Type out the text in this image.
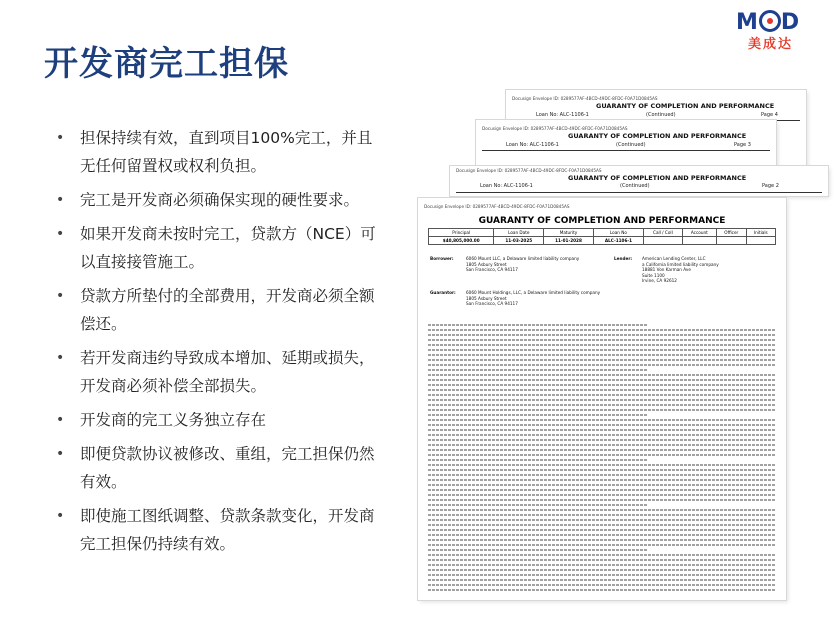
M D
美成达
开发商完工担保
• 担保持续有效，直到项目100%完工，并且无任何留置权或权利负担。
• 完工是开发商必须确保实现的硬性要求。
• 如果开发商未按时完工，贷款方（NCE）可以直接接管施工。
• 贷款方所垫付的全部费用，开发商必须全额偿还。
• 若开发商违约导致成本增加、延期或损失，开发商必须补偿全部损失。
• 开发商的完工义务独立存在
• 即便贷款协议被修改、重组，完工担保仍然有效。
• 即使施工图纸调整、贷款条款变化，开发商完工担保仍持续有效。
Docusign Envelope ID: 0289577AF-4BCD-49DC-8FDC-F0A71D0845AS
GUARANTY OF COMPLETION AND PERFORMANCE
Loan No: ALC-1106-1	(Continued)	Page 4
Docusign Envelope ID: 0289577AF-4BCD-49DC-8FDC-F0A71D0845AS
GUARANTY OF COMPLETION AND PERFORMANCE
Loan No: ALC-1106-1	(Continued)	Page 3
Docusign Envelope ID: 0289577AF-4BCD-49DC-8FDC-F0A71D0845AS
GUARANTY OF COMPLETION AND PERFORMANCE
Loan No: ALC-1106-1	(Continued)	Page 2
Docusign Envelope ID: 0289577AF-4BCD-49DC-8FDC-F0A71D0845AS
GUARANTY OF COMPLETION AND PERFORMANCE
Principal	Loan Date	Maturity	Loan No	Call / Coll	Account	Officer	Initials
$40,805,000.00	11-03-2025	11-01-2028	ALC-1106-1				
Borrower:	6060 Mount LLC, a Delaware limited liability company
1805 Asbury Street
San Francisco, CA 94117
Lender: American Lending Center, LLC
a California limited liability company
18881 Von Karman Ave
Suite 1100
Irvine, CA 92612
Guarantor: 6060 Mount Holdings, LLC, a Delaware limited liability company
1805 Asbury Street
San Francisco, CA 94117
